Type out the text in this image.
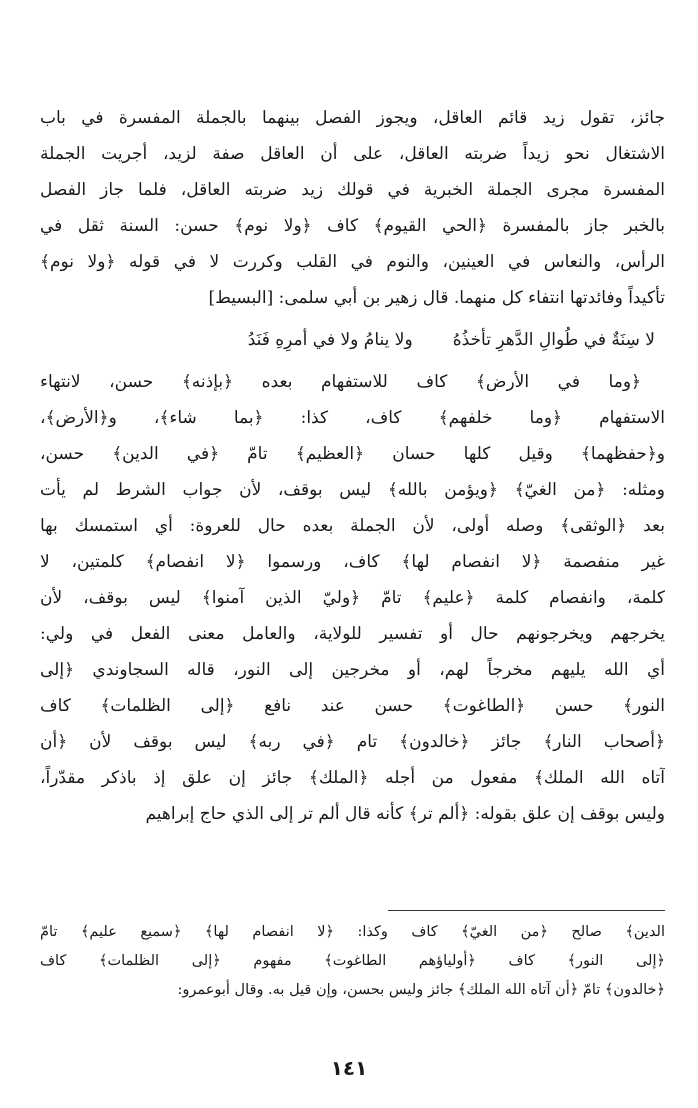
جائز، تقول زيد قائم العاقل، ويجوز الفصل بينهما بالجملة المفسرة في باب
الاشتغال نحو زيداً ضربته العاقل، على أن العاقل صفة لزيد، أجريت الجملة
المفسرة مجرى الجملة الخبرية في قولك زيد ضربته العاقل، فلما جاز الفصل
بالخبر جاز بالمفسرة ﴿الحي القيوم﴾ كاف ﴿ولا نوم﴾ حسن: السنة ثقل في
الرأس، والنعاس في العينين، والنوم في القلب وكررت لا في قوله ﴿ولا نوم﴾
تأكيداً وفائدتها انتفاء كل منهما. قال زهير بن أبي سلمى: [البسيط]
لا سِنَةٌ في طُوالِ الدَّهرِ تأخذُهُ
ولا ينامُ ولا في أمرِهِ فَنَدُ
﴿وما في الأرض﴾ كاف للاستفهام بعده ﴿بإذنه﴾ حسن، لانتهاء
الاستفهام ﴿وما خلفهم﴾ كاف، كذا: ﴿بما شاء﴾، و﴿الأرض﴾،
و﴿حفظهما﴾ وقيل كلها حسان ﴿العظيم﴾ تامّ ﴿في الدين﴾ حسن،
ومثله: ﴿من الغيّ﴾ ﴿ويؤمن بالله﴾ ليس بوقف، لأن جواب الشرط لم يأت
بعد ﴿الوثقى﴾ وصله أولى، لأن الجملة بعده حال للعروة: أي استمسك بها
غير منفصمة ﴿لا انفصام لها﴾ كاف، ورسموا ﴿لا انفصام﴾ كلمتين، لا
كلمة، وانفصام كلمة ﴿عليم﴾ تامّ ﴿وليّ الذين آمنوا﴾ ليس بوقف، لأن
يخرجهم ويخرجونهم حال أو تفسير للولاية، والعامل معنى الفعل في ولي:
أي الله يليهم مخرجاً لهم، أو مخرجين إلى النور، قاله السجاوندي ﴿إلى
النور﴾ حسن ﴿الطاغوت﴾ حسن عند نافع ﴿إلى الظلمات﴾ كاف
﴿أصحاب النار﴾ جائز ﴿خالدون﴾ تام ﴿في ربه﴾ ليس بوقف لأن ﴿أن
آتاه الله الملك﴾ مفعول من أجله ﴿الملك﴾ جائز إن علق إذ باذكر مقدّراً،
وليس بوقف إن علق بقوله: ﴿ألم تر﴾ كأنه قال ألم تر إلى الذي حاج إبراهيم
الدين﴾ صالح ﴿من الغيّ﴾ كاف وكذا: ﴿لا انفصام لها﴾ ﴿سميع عليم﴾ تامّ
﴿إلى النور﴾ كاف ﴿أولياؤهم الطاغوت﴾ مفهوم ﴿إلى الظلمات﴾ كاف
﴿خالدون﴾ تامّ ﴿أن آتاه الله الملك﴾ جائز وليس بحسن، وإن قيل به. وقال أبوعمرو:
١٤١
